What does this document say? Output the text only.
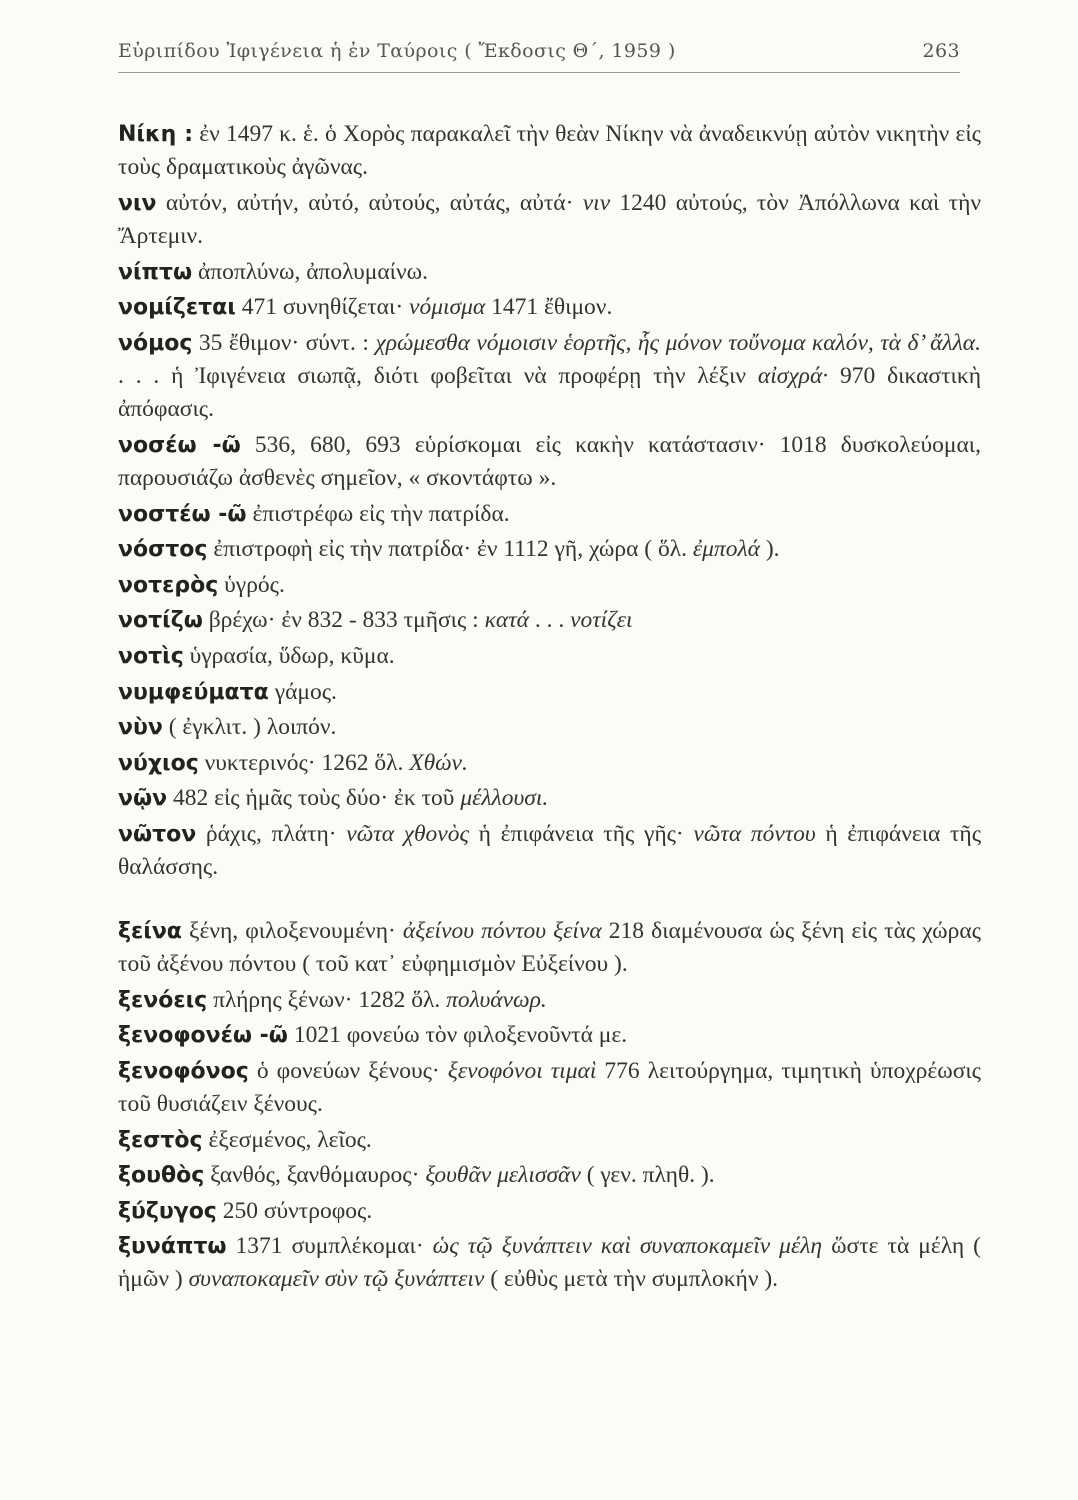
Εὐριπίδου Ἰφιγένεια ἡ ἐν Ταύροις ( Ἔκδοσις Θ΄, 1959 )	263

Νίκη : ἐν 1497 κ. ἑ. ὁ Χορὸς παρακαλεῖ τὴν θεὰν Νίκην νὰ ἀναδεικνύῃ αὐτὸν νικητὴν εἰς τοὺς δραματικοὺς ἀγῶνας.

νιν αὐτόν, αὐτήν, αὐτό, αὐτούς, αὐτάς, αὐτά· νιν 1240 αὐτούς, τὸν Ἀπόλλωνα καὶ τὴν Ἄρτεμιν.

νίπτω ἀποπλύνω, ἀπολυμαίνω.

νομίζεται 471 συνηθίζεται· νόμισμα 1471 ἔθιμον.

νόμος 35 ἔθιμον· σύντ. : χρώμεσθα νόμοισιν ἑορτῆς, ἧς μόνον τοὔνομα καλόν, τὰ δ’ ἄλλα. . . . ἡ Ἰφιγένεια σιωπᾷ, διότι φοβεῖται νὰ προφέρῃ τὴν λέξιν αἰσχρά· 970 δικαστικὴ ἀπόφασις.

νοσέω -ῶ 536, 680, 693 εὑρίσκομαι εἰς κακὴν κατάστασιν· 1018 δυσκολεύομαι, παρουσιάζω ἀσθενὲς σημεῖον, « σκοντάφτω ».

νοστέω -ῶ ἐπιστρέφω εἰς τὴν πατρίδα.

νόστος ἐπιστροφὴ εἰς τὴν πατρίδα· ἐν 1112 γῆ, χώρα ( ὅλ. ἐμπολά ).

νοτερὸς ὑγρός.

νοτίζω βρέχω· ἐν 832 - 833 τμῆσις : κατά . . . νοτίζει

νοτὶς ὑγρασία, ὕδωρ, κῦμα.

νυμφεύματα γάμος.

νὺν ( ἐγκλιτ. ) λοιπόν.

νύχιος νυκτερινός· 1262 ὅλ. Χθών.

νῷν 482 εἰς ἡμᾶς τοὺς δύο· ἐκ τοῦ μέλλουσι.

νῶτον ῥάχις, πλάτη· νῶτα χθονὸς ἡ ἐπιφάνεια τῆς γῆς· νῶτα πόντου ἡ ἐπιφάνεια τῆς θαλάσσης.

ξείνα ξένη, φιλοξενουμένη· ἀξείνου πόντου ξείνα 218 διαμένουσα ὡς ξένη εἰς τὰς χώρας τοῦ ἀξένου πόντου ( τοῦ κατ᾽ εὐφημισμὸν Εὐξείνου ).

ξενόεις πλήρης ξένων· 1282 ὅλ. πολυάνωρ.

ξενοφονέω -ῶ 1021 φονεύω τὸν φιλοξενοῦντά με.

ξενοφόνος ὁ φονεύων ξένους· ξενοφόνοι τιμαὶ 776 λειτούργημα, τιμητικὴ ὑποχρέωσις τοῦ θυσιάζειν ξένους.

ξεστὸς ἐξεσμένος, λεῖος.

ξουθὸς ξανθός, ξανθόμαυρος· ξουθᾶν μελισσᾶν ( γεν. πληθ. ).

ξύζυγος 250 σύντροφος.

ξυνάπτω 1371 συμπλέκομαι· ὡς τῷ ξυνάπτειν καὶ συναποκαμεῖν μέλη ὥστε τὰ μέλη ( ἡμῶν ) συναποκαμεῖν σὺν τῷ ξυνάπτειν ( εὐθὺς μετὰ τὴν συμπλοκήν ).
